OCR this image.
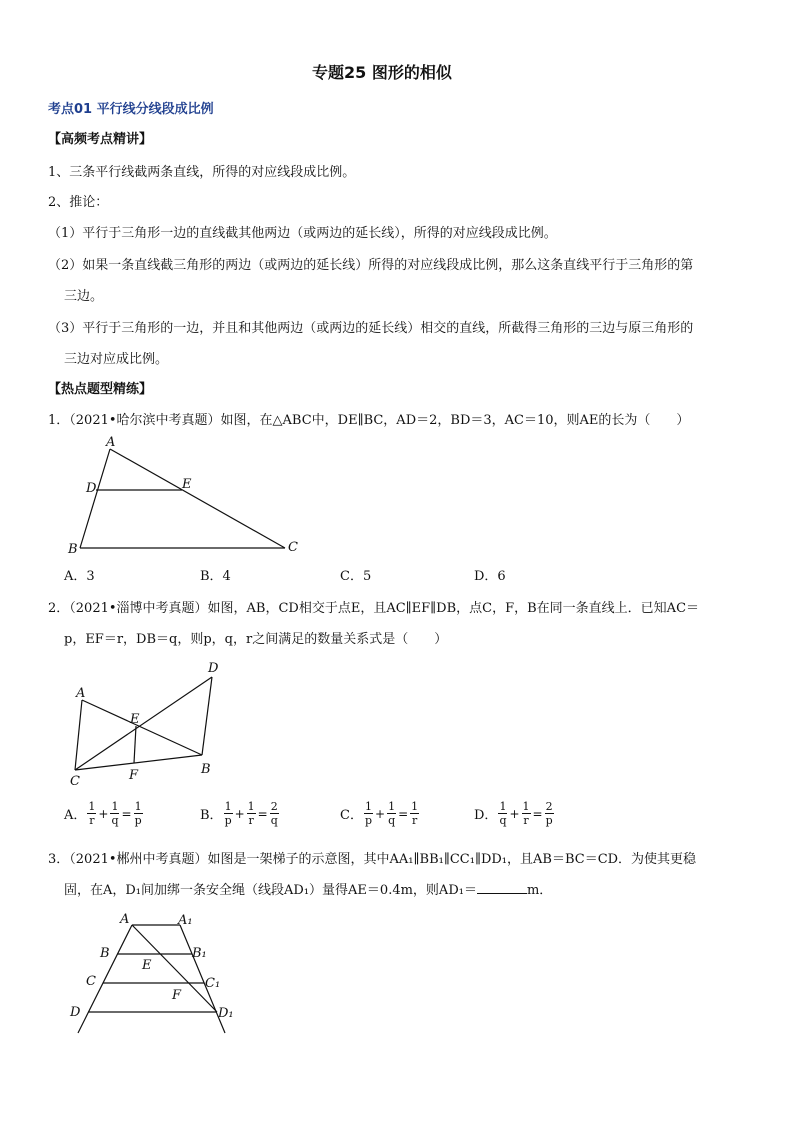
专题25 图形的相似
考点01 平行线分线段成比例
【高频考点精讲】
1、三条平行线截两条直线，所得的对应线段成比例。
2、推论：
（1）平行于三角形一边的直线截其他两边（或两边的延长线），所得的对应线段成比例。
（2）如果一条直线截三角形的两边（或两边的延长线）所得的对应线段成比例，那么这条直线平行于三角形的第
三边。
（3）平行于三角形的一边，并且和其他两边（或两边的延长线）相交的直线，所截得三角形的三边与原三角形的
三边对应成比例。
【热点题型精练】
1．（2021•哈尔滨中考真题）如图，在△ABC中，DE∥BC，AD＝2，BD＝3，AC＝10，则AE的长为（　　）
A
D	E
B	C
A．3	B．4	C．5	D．6
2．（2021•淄博中考真题）如图，AB，CD相交于点E，且AC∥EF∥DB，点C，F，B在同一条直线上．已知AC＝
p，EF＝r，DB＝q，则p，q，r之间满足的数量关系式是（　　）
A
D
E
C	F	B
A． $\frac{1}{r} + \frac{1}{q} = \frac{1}{p}$	B． $\frac{1}{p} + \frac{1}{r} = \frac{2}{q}$	C． $\frac{1}{p} + \frac{1}{q} = \frac{1}{r}$	D． $\frac{1}{q} + \frac{1}{r} = \frac{2}{p}$
3．（2021•郴州中考真题）如图是一架梯子的示意图，其中AA₁∥BB₁∥CC₁∥DD₁，且AB＝BC＝CD．为使其更稳
固，在A，D₁间加绑一条安全绳（线段AD₁）量得AE＝0.4m，则AD₁＝	m．
A	A₁
B	B₁
E
C	C₁
F
D	D₁
